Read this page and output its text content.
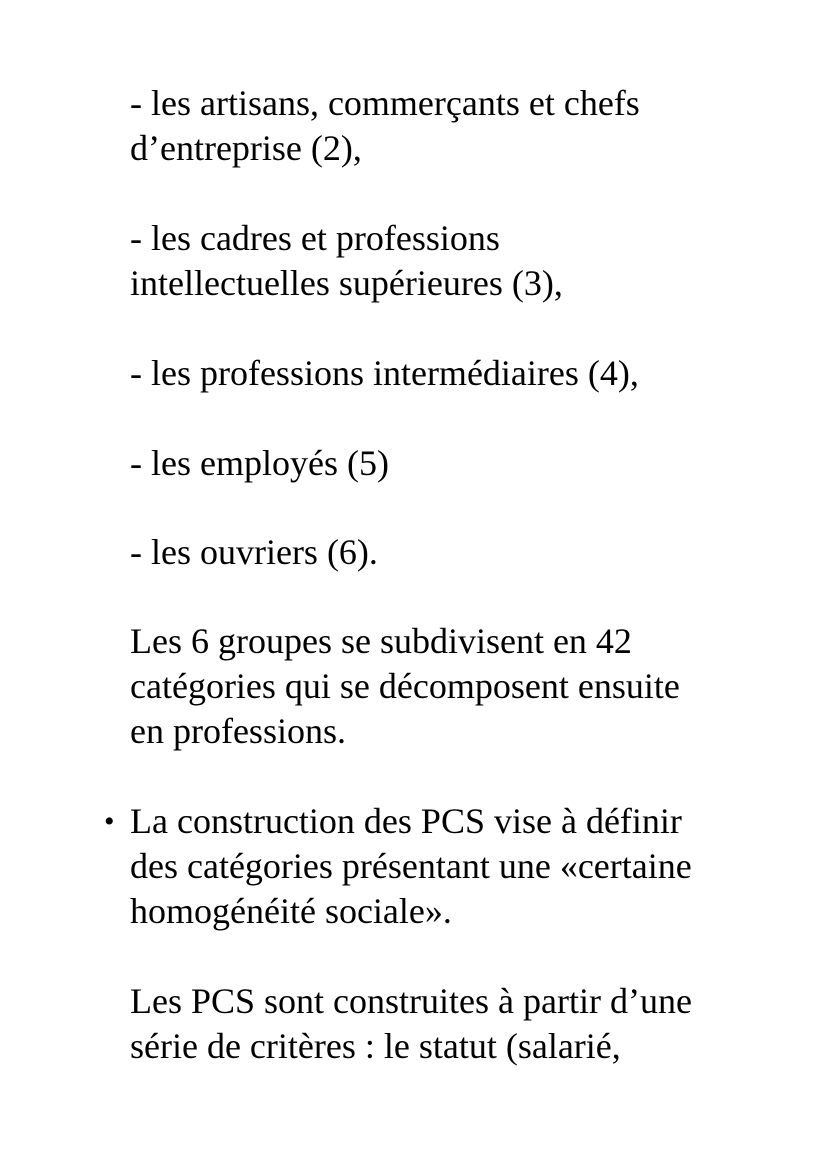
- les artisans, commerçants et chefs
d’entreprise (2),
- les cadres et professions
intellectuelles supérieures (3),
- les professions intermédiaires (4),
- les employés (5)
- les ouvriers (6).
Les 6 groupes se subdivisent en 42
catégories qui se décomposent ensuite
en professions.
• La construction des PCS vise à définir
des catégories présentant une «certaine
homogénéité sociale».
Les PCS sont construites à partir d’une
série de critères : le statut (salarié,
